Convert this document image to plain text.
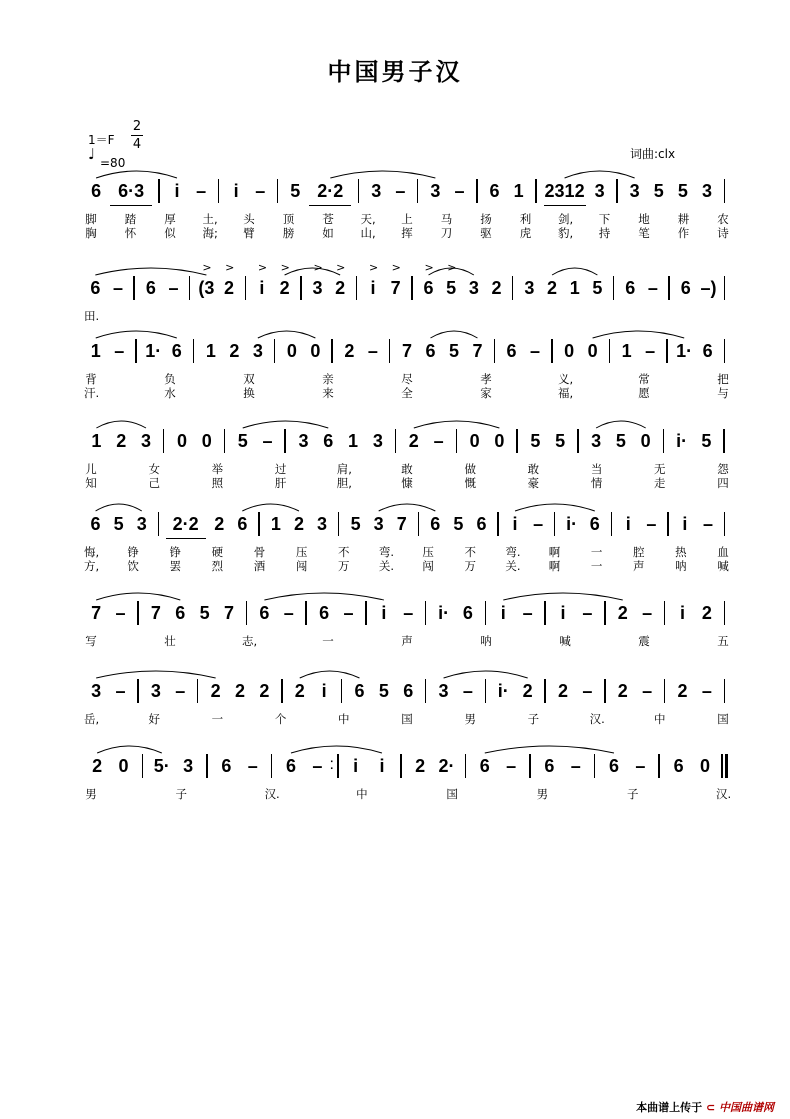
中国男子汉
1＝F
2
4
♩ =80
词曲:clx
6 6·3	i –	i –	5 2·2	3 –	3 –	6 1	2312 3	3 5 5 3
脚 踏 厚 土, 头 顶 苍 天, 上 马 扬 利 剑, 下 地 耕 农
胸 怀 似 海; 臂 膀 如 山, 挥 刀 驱 虎 豹, 持 笔 作 诗
6 –	6 –	(3 2	i 2	3 2	i 7	6 5 3 2	3 2 1 5	6 –	6 –)
> > > > > > > > > >
田.
1 –	1· 6	1 2 3	0 0	2 –	7 6 5 7	6 –	0 0	1 –	1· 6
背	负	双	亲	尽	孝	义,	常	把
汗.	水	换	来	全	家	福,	愿	与
1 2 3	0 0	5 –	3 6 1 3	2 –	0 0	5 5	3 5 0	i· 5
儿	女	举	过	肩,	敢	做	敢	当	无	怨
知	己	照	肝	胆,	慷	慨	豪	情	走	四
6 5 3	2·2 2 6	1 2 3	5 3 7	6 5 6	i –	i· 6	i –	i –
悔, 铮	铮	硬	骨	压	不	弯. 压	不	弯. 啊	一	腔	热	血
方, 饮	罢	烈	酒	闯	万	关. 闯	万	关. 啊	一	声	呐	喊
7 –	7 6 5 7	6 –	6 –	i –	i· 6	i –	i –	2 –	i 2
写	壮	志,	一	声	呐	喊	震	五
3 –	3 –	2 2 2	2 i	6 5 6	3 –	i· 2	2 –	2 –	2 –
岳,	好	一	个	中	国	男	子	汉.	中	国
2 0	5· 3	6 –	6 –	i	i	2 2·	6 –	6 –	6 –	6 0
男	子	汉.	中	国	男	子	汉.
本曲谱上传于 ⊂ 中国曲谱网
